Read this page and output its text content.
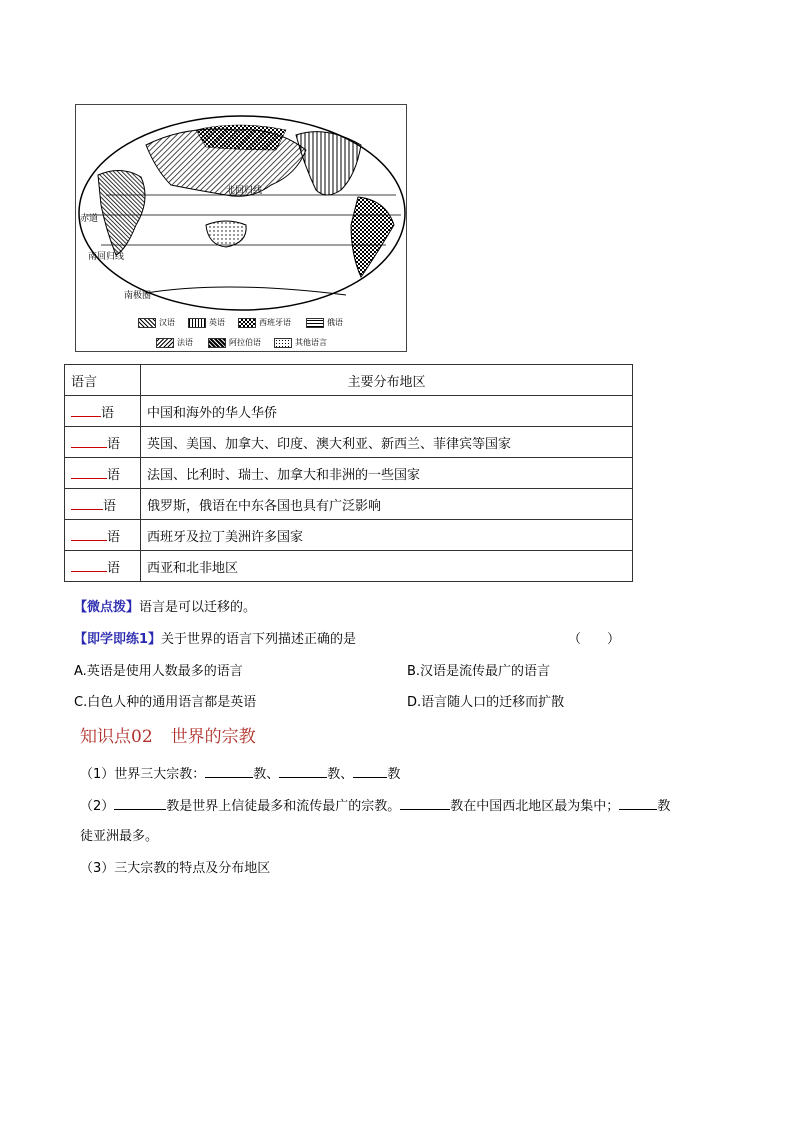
北回归线
赤道
南回归线
南极圈
汉语	英语	西班牙语	俄语
法语	阿拉伯语	其他语言
语言	主要分布地区
语	中国和海外的华人华侨
语	英国、美国、加拿大、印度、澳大利亚、新西兰、菲律宾等国家
语	法国、比利时、瑞士、加拿大和非洲的一些国家
语	俄罗斯，俄语在中东各国也具有广泛影响
语	西班牙及拉丁美洲许多国家
语	西亚和北非地区
【微点拨】语言是可以迁移的。
【即学即练1】关于世界的语言下列描述正确的是	（　　）
A.英语是使用人数最多的语言	B.汉语是流传最广的语言
C.白色人种的通用语言都是英语	D.语言随人口的迁移而扩散
知识点02 世界的宗教
（1）世界三大宗教：	教、	教、	教
（2）	教是世界上信徒最多和流传最广的宗教。	教在中国西北地区最为集中；	教
徒亚洲最多。
（3）三大宗教的特点及分布地区
